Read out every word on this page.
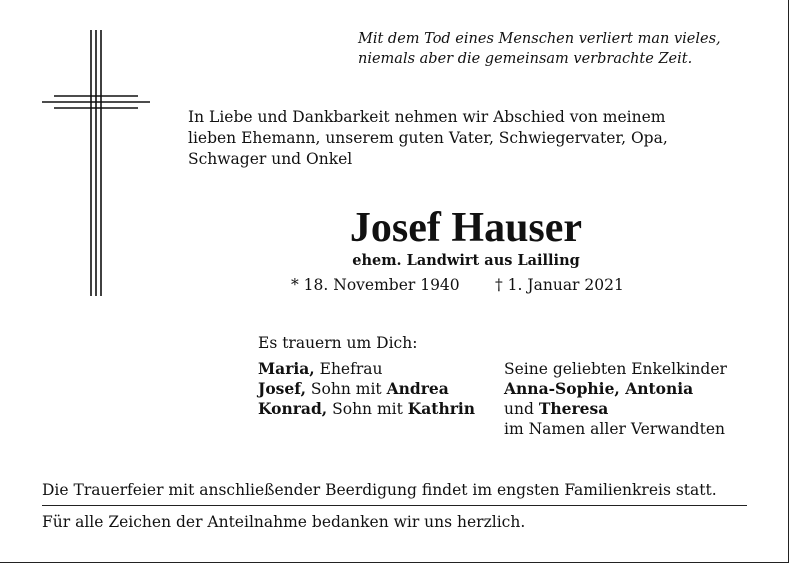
Mit dem Tod eines Menschen verliert man vieles,
niemals aber die gemeinsam verbrachte Zeit.
In Liebe und Dankbarkeit nehmen wir Abschied von meinem
lieben Ehemann, unserem guten Vater, Schwiegervater, Opa,
Schwager und Onkel
Josef Hauser
ehem. Landwirt aus Lailling
* 18. November 1940 † 1. Januar 2021
Es trauern um Dich:
Maria, Ehefrau
Josef, Sohn mit Andrea
Konrad, Sohn mit Kathrin
Seine geliebten Enkelkinder
Anna-Sophie, Antonia
und Theresa
im Namen aller Verwandten
Die Trauerfeier mit anschließender Beerdigung findet im engsten Familienkreis statt.
Für alle Zeichen der Anteilnahme bedanken wir uns herzlich.
